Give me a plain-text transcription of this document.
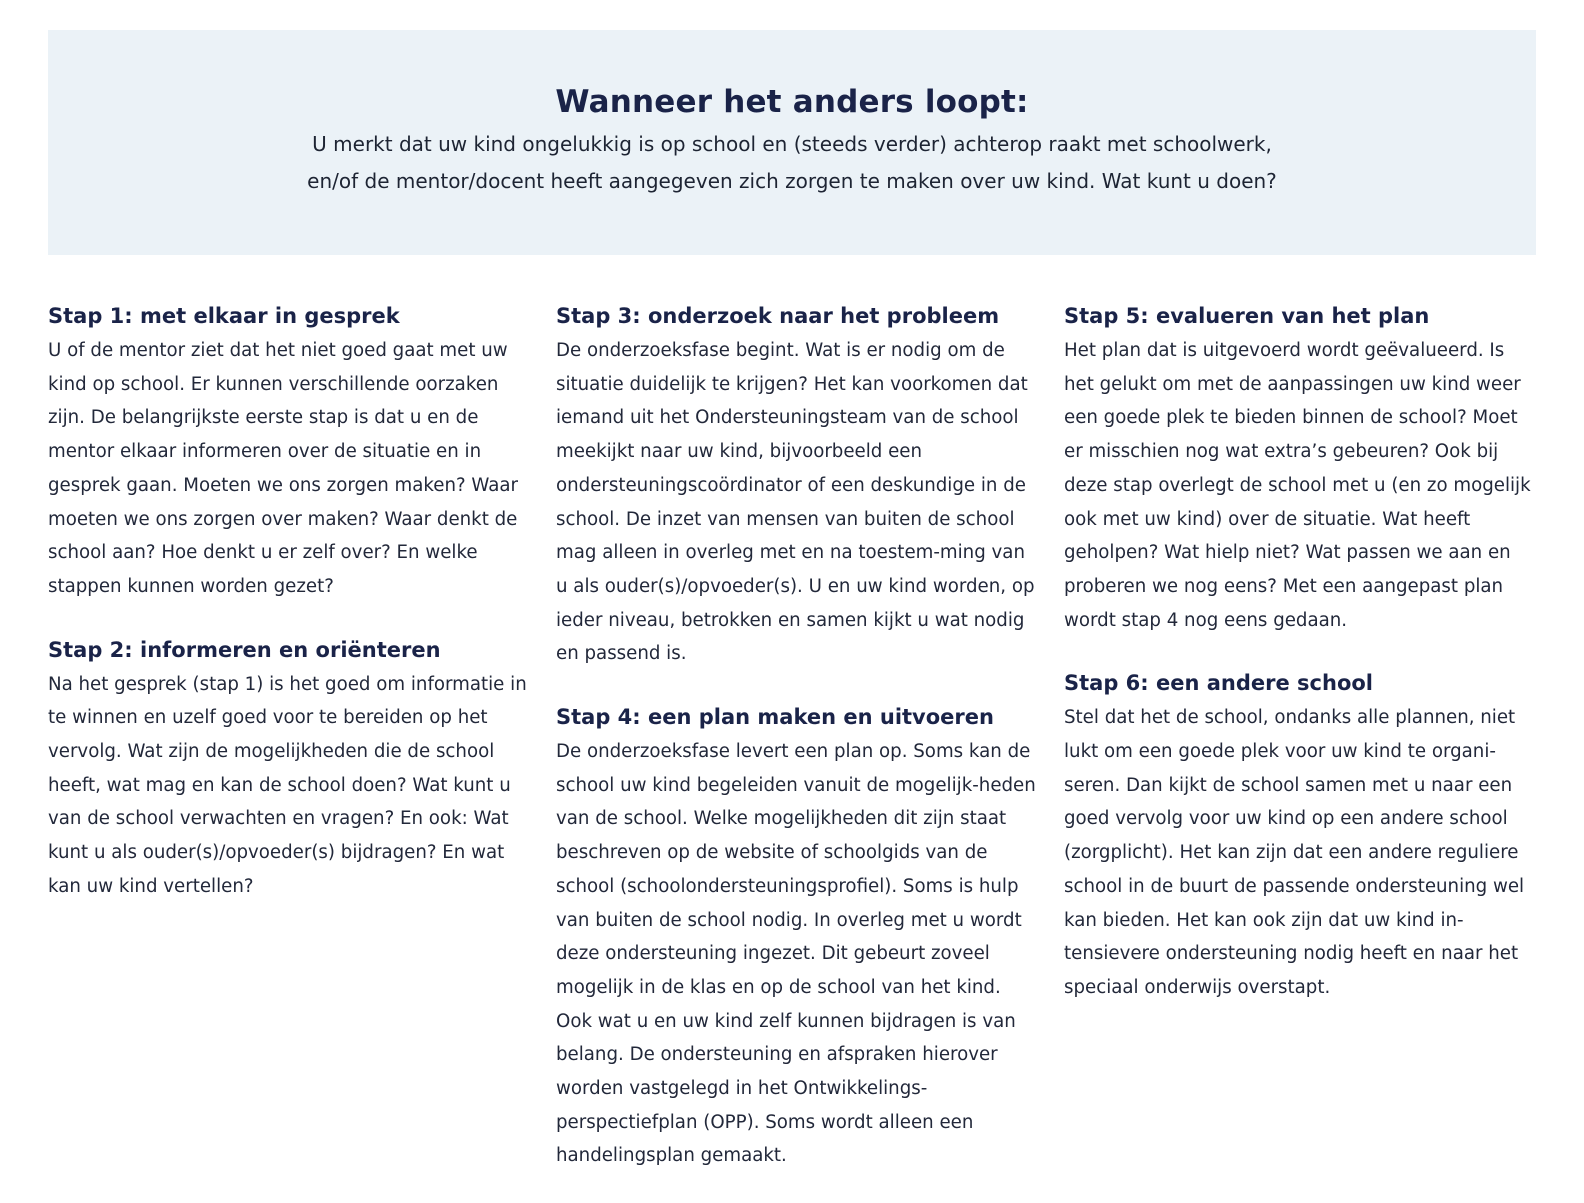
Wanneer het anders loopt:

U merkt dat uw kind ongelukkig is op school en (steeds verder) achterop raakt met schoolwerk,

en/of de mentor/docent heeft aangegeven zich zorgen te maken over uw kind. Wat kunt u doen?

Stap 1: met elkaar in gesprek

U of de mentor ziet dat het niet goed gaat met uw kind op school. Er kunnen verschillende oorzaken zijn. De belangrijkste eerste stap is dat u en de mentor elkaar informeren over de situatie en in gesprek gaan. Moeten we ons zorgen maken? Waar moeten we ons zorgen over maken? Waar denkt de school aan? Hoe denkt u er zelf over? En welke stappen kunnen worden gezet?

Stap 2: informeren en oriënteren

Na het gesprek (stap 1) is het goed om informatie in te winnen en uzelf goed voor te bereiden op het vervolg. Wat zijn de mogelijkheden die de school heeft, wat mag en kan de school doen? Wat kunt u van de school verwachten en vragen? En ook: Wat kunt u als ouder(s)/opvoeder(s) bijdragen? En wat kan uw kind vertellen?

Stap 3: onderzoek naar het probleem

De onderzoeksfase begint. Wat is er nodig om de situatie duidelijk te krijgen? Het kan voorkomen dat iemand uit het Ondersteuningsteam van de school meekijkt naar uw kind, bijvoorbeeld een ondersteuningscoördinator of een deskundige in de school. De inzet van mensen van buiten de school mag alleen in overleg met en na toestem-ming van u als ouder(s)/opvoeder(s). U en uw kind worden, op ieder niveau, betrokken en samen kijkt u wat nodig en passend is.

Stap 4: een plan maken en uitvoeren

De onderzoeksfase levert een plan op. Soms kan de school uw kind begeleiden vanuit de mogelijk-heden van de school. Welke mogelijkheden dit zijn staat beschreven op de website of schoolgids van de school (schoolondersteuningsprofiel). Soms is hulp van buiten de school nodig. In overleg met u wordt deze ondersteuning ingezet. Dit gebeurt zoveel mogelijk in de klas en op de school van het kind. Ook wat u en uw kind zelf kunnen bijdragen is van belang. De ondersteuning en afspraken hierover worden vastgelegd in het Ontwikkelings-perspectiefplan (OPP). Soms wordt alleen een handelingsplan gemaakt.

Stap 5: evalueren van het plan

Het plan dat is uitgevoerd wordt geëvalueerd. Is het gelukt om met de aanpassingen uw kind weer een goede plek te bieden binnen de school? Moet er misschien nog wat extra’s gebeuren? Ook bij deze stap overlegt de school met u (en zo mogelijk ook met uw kind) over de situatie. Wat heeft geholpen? Wat hielp niet? Wat passen we aan en proberen we nog eens? Met een aangepast plan wordt stap 4 nog eens gedaan.

Stap 6: een andere school

Stel dat het de school, ondanks alle plannen, niet lukt om een goede plek voor uw kind te organi-seren. Dan kijkt de school samen met u naar een goed vervolg voor uw kind op een andere school (zorgplicht). Het kan zijn dat een andere reguliere school in de buurt de passende ondersteuning wel kan bieden. Het kan ook zijn dat uw kind in-tensievere ondersteuning nodig heeft en naar het speciaal onderwijs overstapt.
